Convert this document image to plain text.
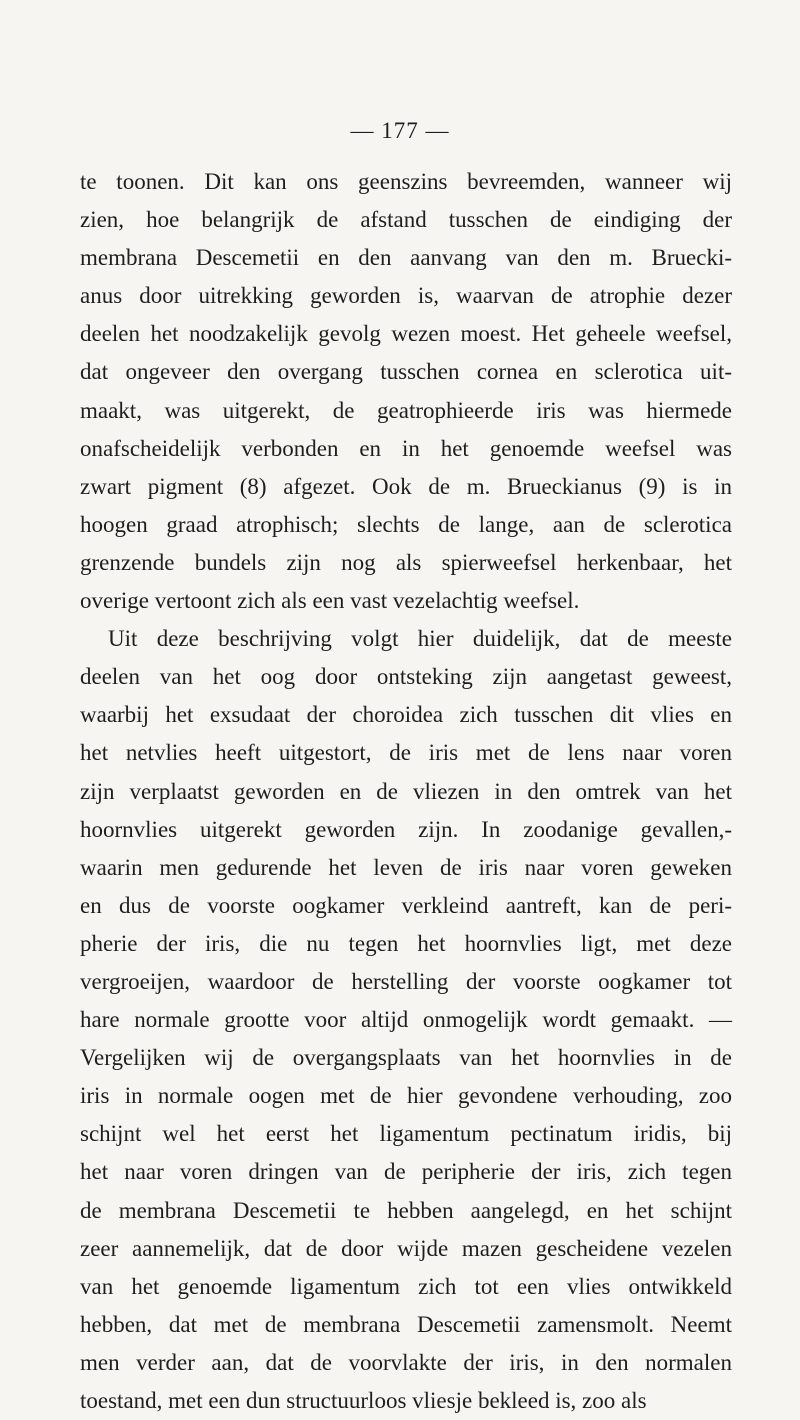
— 177 —
te toonen. Dit kan ons geenszins bevreemden, wanneer wij
zien, hoe belangrijk de afstand tusschen de eindiging der
membrana Descemetii en den aanvang van den m. Bruecki-
anus door uitrekking geworden is, waarvan de atrophie dezer
deelen het noodzakelijk gevolg wezen moest. Het geheele weefsel,
dat ongeveer den overgang tusschen cornea en sclerotica uit-
maakt, was uitgerekt, de geatrophieerde iris was hiermede
onafscheidelijk verbonden en in het genoemde weefsel was
zwart pigment (8) afgezet. Ook de m. Brueckianus (9) is in
hoogen graad atrophisch; slechts de lange, aan de sclerotica
grenzende bundels zijn nog als spierweefsel herkenbaar, het
overige vertoont zich als een vast vezelachtig weefsel.
Uit deze beschrijving volgt hier duidelijk, dat de meeste
deelen van het oog door ontsteking zijn aangetast geweest,
waarbij het exsudaat der choroidea zich tusschen dit vlies en
het netvlies heeft uitgestort, de iris met de lens naar voren
zijn verplaatst geworden en de vliezen in den omtrek van het
hoornvlies uitgerekt geworden zijn. In zoodanige gevallen,-
waarin men gedurende het leven de iris naar voren geweken
en dus de voorste oogkamer verkleind aantreft, kan de peri-
pherie der iris, die nu tegen het hoornvlies ligt, met deze
vergroeijen, waardoor de herstelling der voorste oogkamer tot
hare normale grootte voor altijd onmogelijk wordt gemaakt. —
Vergelijken wij de overgangsplaats van het hoornvlies in de
iris in normale oogen met de hier gevondene verhouding, zoo
schijnt wel het eerst het ligamentum pectinatum iridis, bij
het naar voren dringen van de peripherie der iris, zich tegen
de membrana Descemetii te hebben aangelegd, en het schijnt
zeer aannemelijk, dat de door wijde mazen gescheidene vezelen
van het genoemde ligamentum zich tot een vlies ontwikkeld
hebben, dat met de membrana Descemetii zamensmolt. Neemt
men verder aan, dat de voorvlakte der iris, in den normalen
toestand, met een dun structuurloos vliesje bekleed is, zoo als
